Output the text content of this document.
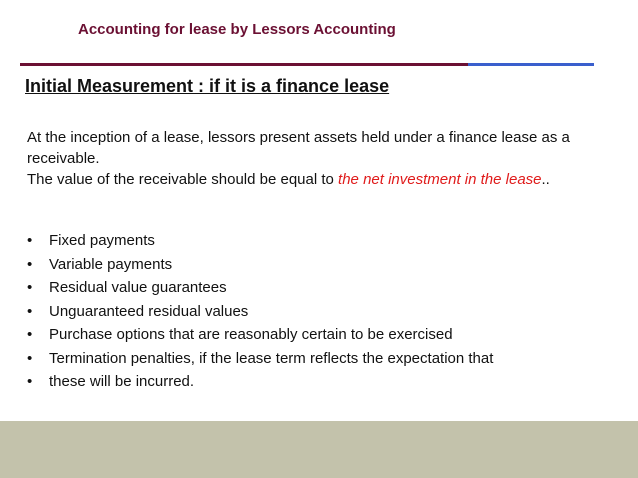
Accounting for lease by Lessors Accounting
Initial Measurement : if it is a finance lease
At the inception of a lease, lessors present assets held under a finance lease as a receivable.
The value of the receivable should be equal to the net investment in the lease..
•	Fixed payments
•	Variable payments
•	Residual value guarantees
•	Unguaranteed residual values
•	Purchase options that are reasonably certain to be exercised
•	Termination penalties, if the lease term reflects the expectation that
•	these will be incurred.
